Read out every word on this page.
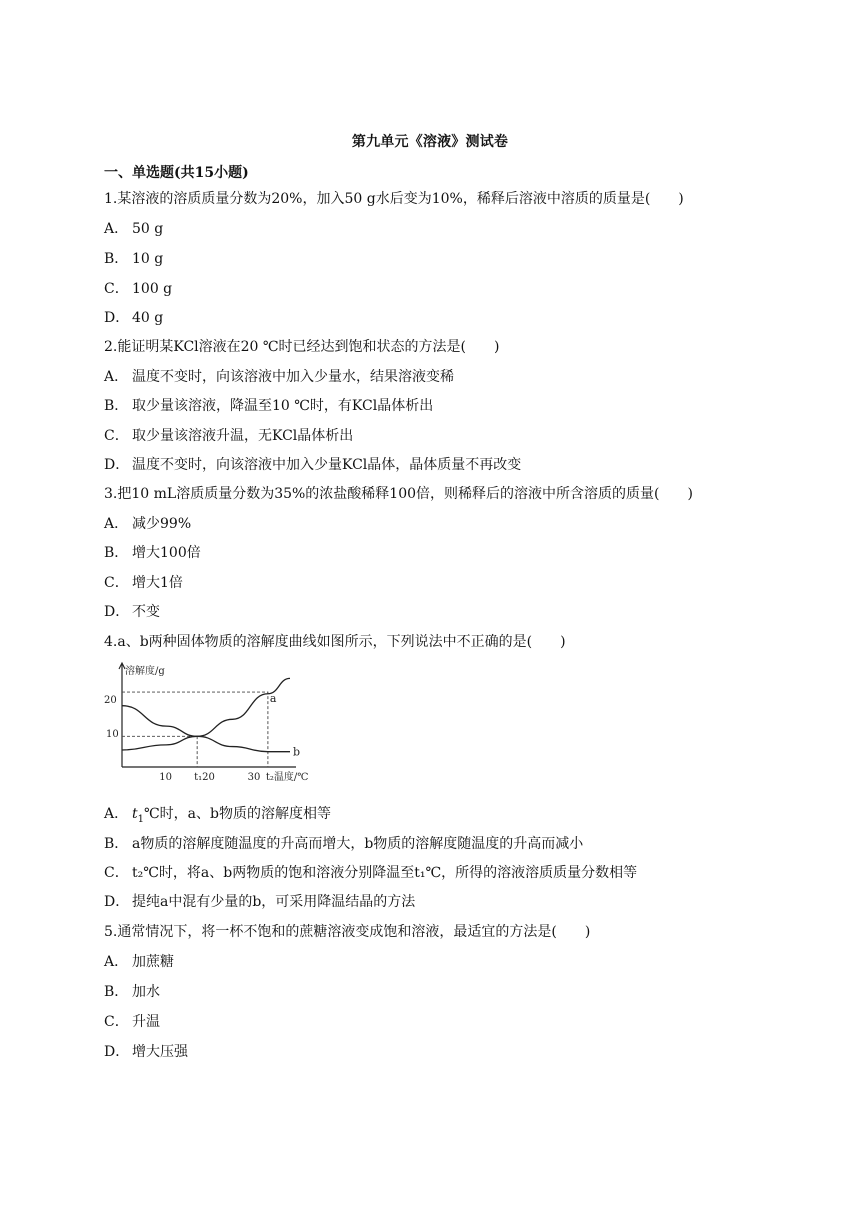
第九单元《溶液》测试卷
一、单选题(共15小题)
1.某溶液的溶质质量分数为20%，加入50 g水后变为10%，稀释后溶液中溶质的质量是(　　)
A． 50 g
B． 10 g
C． 100 g
D． 40 g
2.能证明某KCl溶液在20 ℃时已经达到饱和状态的方法是(　　)
A． 温度不变时，向该溶液中加入少量水，结果溶液变稀
B． 取少量该溶液，降温至10 ℃时，有KCl晶体析出
C． 取少量该溶液升温，无KCl晶体析出
D． 温度不变时，向该溶液中加入少量KCl晶体，晶体质量不再改变
3.把10 mL溶质质量分数为35%的浓盐酸稀释100倍，则稀释后的溶液中所含溶质的质量(　　)
A． 减少99%
B． 增大100倍
C． 增大1倍
D． 不变
4.a、b两种固体物质的溶解度曲线如图所示，下列说法中不正确的是(　　)
溶解度/g
20
10
10 t₁20	30 t₂ 温度/℃
a
b
A． $t_1℃$时，a、b物质的溶解度相等
B． a物质的溶解度随温度的升高而增大，b物质的溶解度随温度的升高而减小
C． t₂℃时，将a、b两物质的饱和溶液分别降温至t₁℃，所得的溶液溶质质量分数相等
D． 提纯a中混有少量的b，可采用降温结晶的方法
5.通常情况下，将一杯不饱和的蔗糖溶液变成饱和溶液，最适宜的方法是(　　)
A． 加蔗糖
B． 加水
C． 升温
D． 增大压强
